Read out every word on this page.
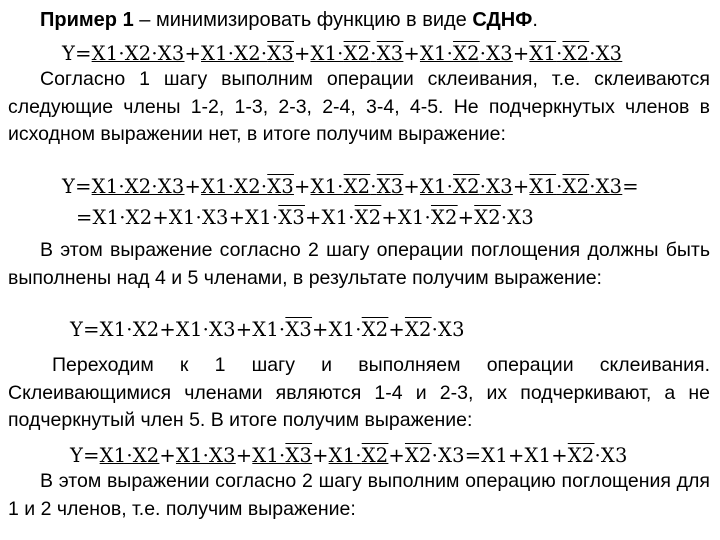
Пример 1 – минимизировать функцию в виде СДНФ.
Y=X1·X2·X3+X1·X2·X3+X1·X2·X3+X1·X2·X3+X1·X2·X3
Согласно 1 шагу выполним операции склеивания, т.е. склеиваются следующие члены 1-2, 1-3, 2-3, 2-4, 3-4, 4-5. Не подчеркнутых членов в исходном выражении нет, в итоге получим выражение:
Y=X1·X2·X3+X1·X2·X3+X1·X2·X3+X1·X2·X3+X1·X2·X3=
=X1·X2+X1·X3+X1·X3+X1·X2+X1·X2+X2·X3
В этом выражение согласно 2 шагу операции поглощения должны быть выполнены над 4 и 5 членами, в результате получим выражение:
Y=X1·X2+X1·X3+X1·X3+X1·X2+X2·X3
Переходим к 1 шагу и выполняем операции склеивания. Склеивающимися членами являются 1-4 и 2-3, их подчеркивают, а не подчеркнутый член 5. В итоге получим выражение:
Y=X1·X2+X1·X3+X1·X3+X1·X2+X2·X3=X1+X1+X2·X3
В этом выражении согласно 2 шагу выполним операцию поглощения для 1 и 2 членов, т.е. получим выражение:
